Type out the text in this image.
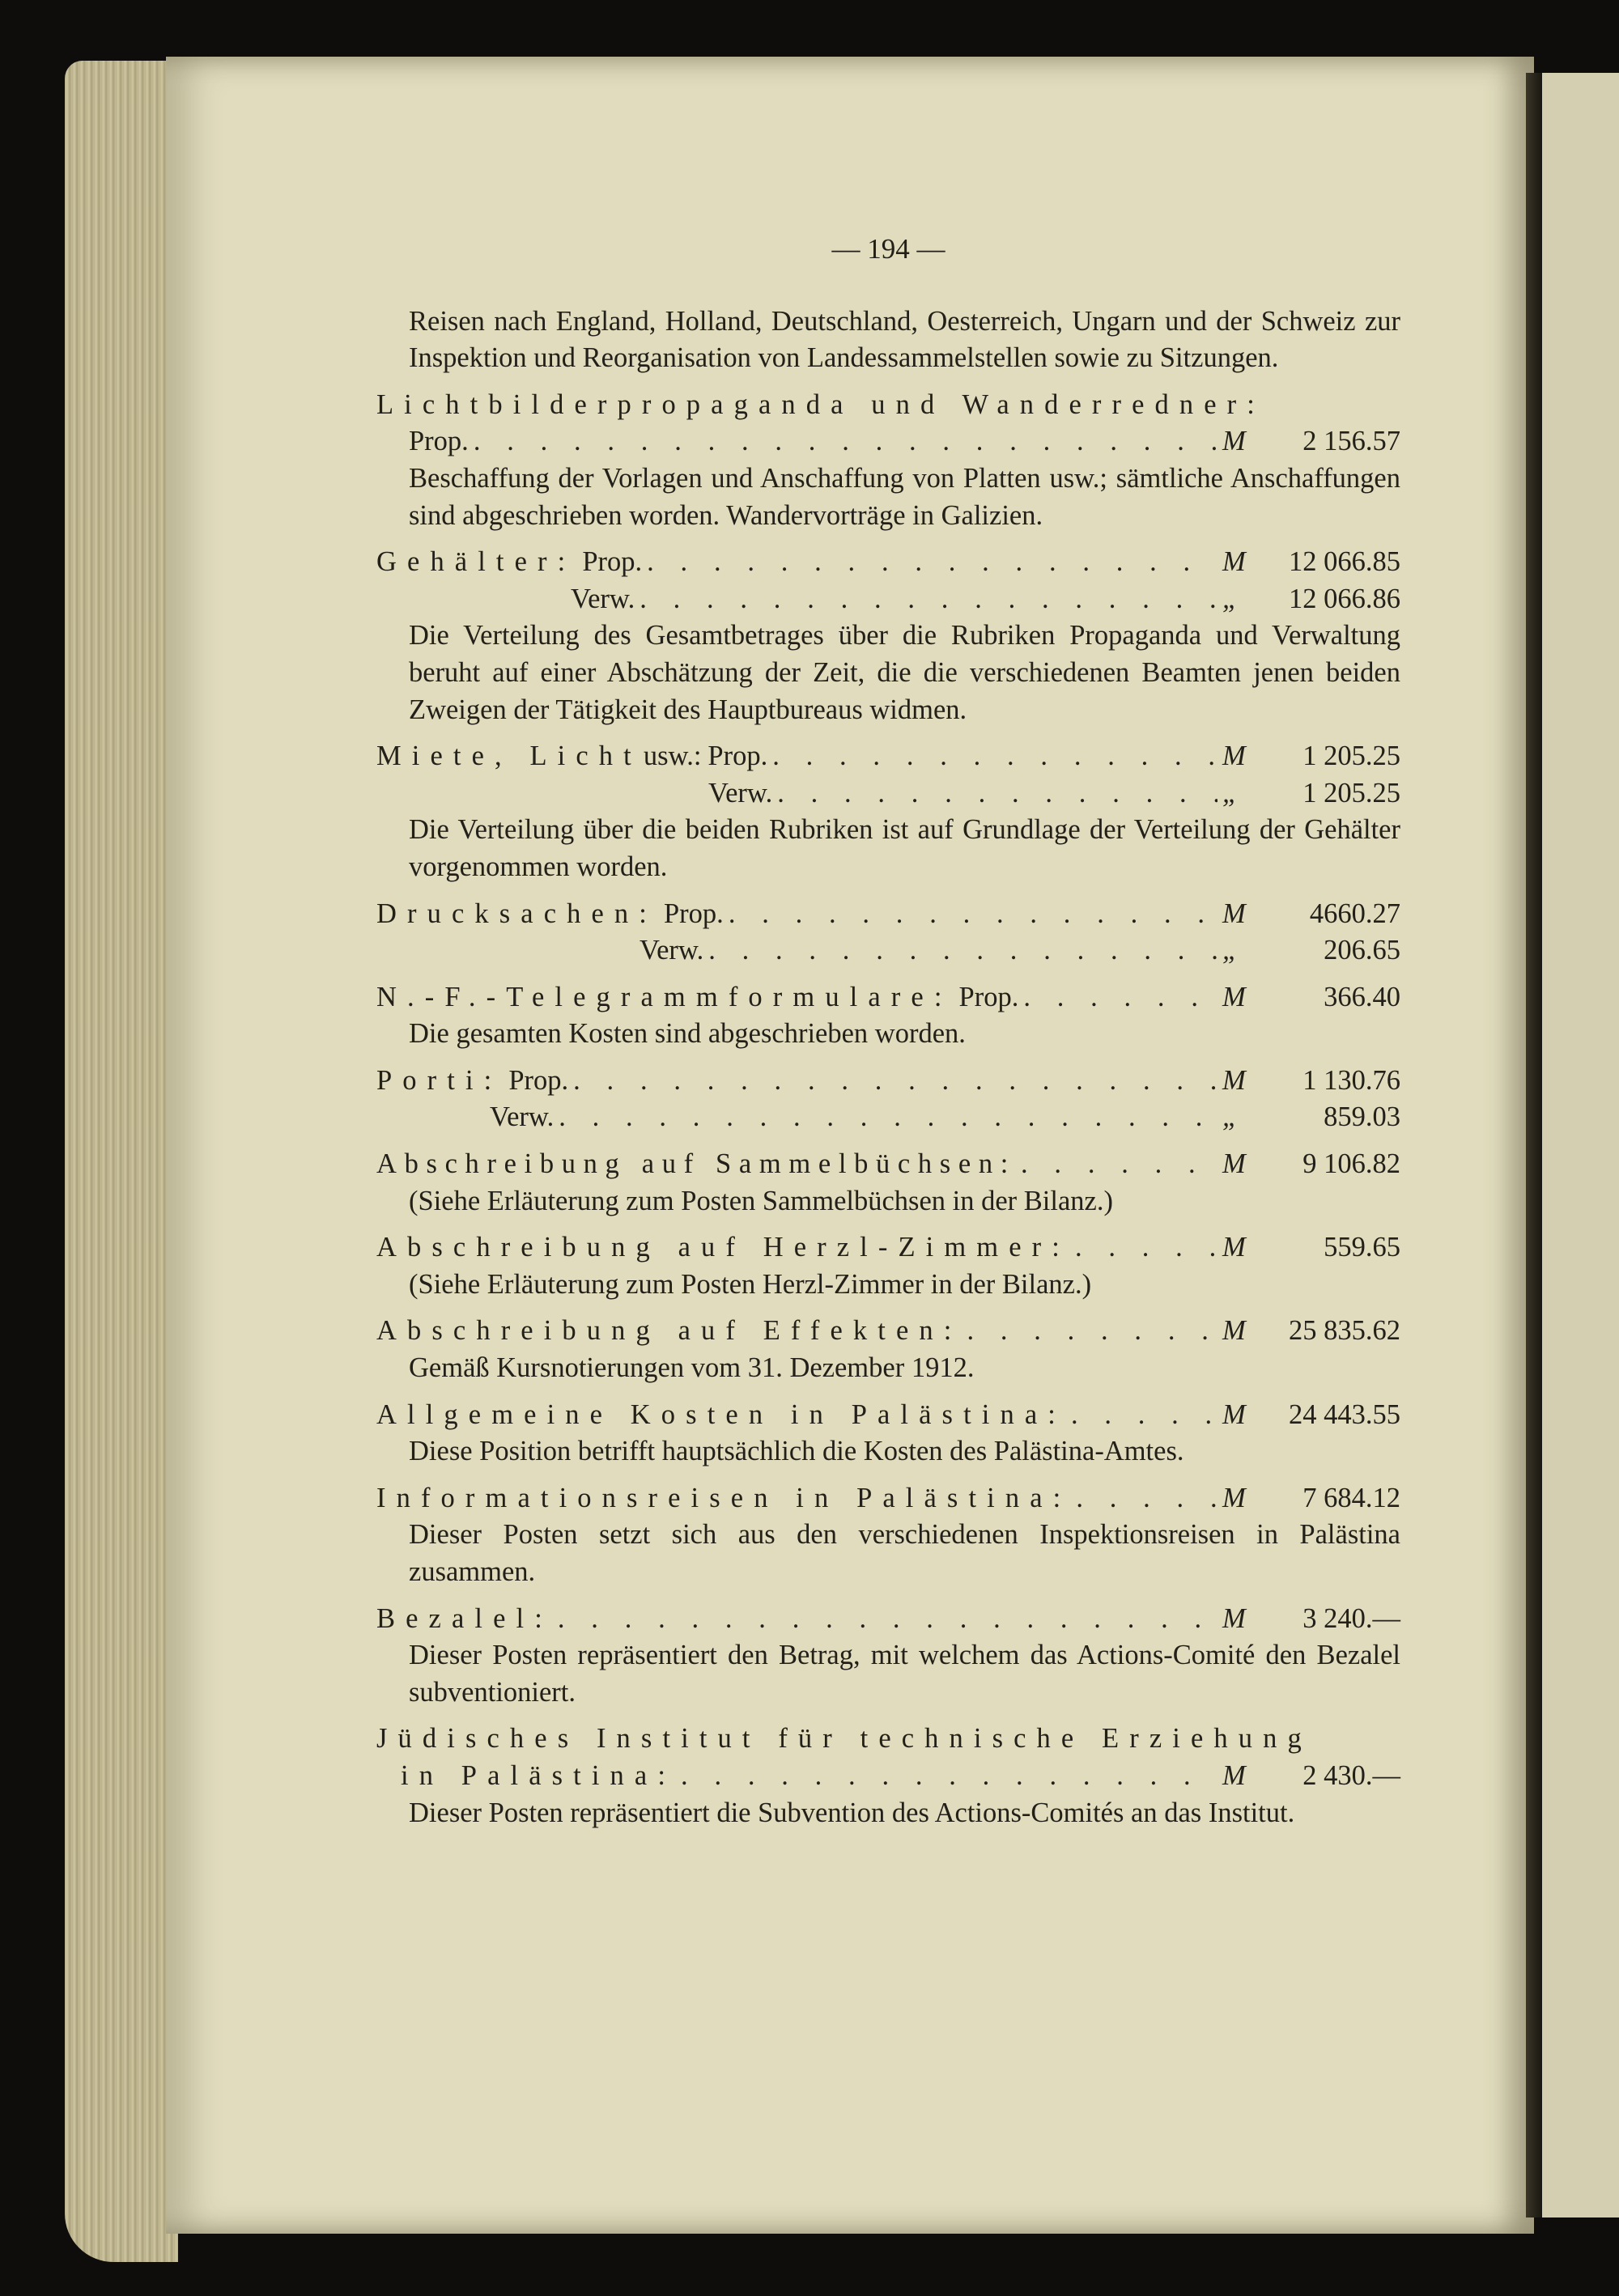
— 194 —

Reisen nach England, Holland, Deutschland, Oesterreich, Ungarn und der Schweiz zur Inspektion und Reorganisation von Landessammelstellen sowie zu Sitzungen.

Lichtbilderpropaganda und Wanderredner:
Prop. . . .	M	2 156.57

Beschaffung der Vorlagen und Anschaffung von Platten usw.; sämtliche Anschaffungen sind abgeschrieben worden. Wandervorträge in Galizien.

Gehälter: Prop. . . .	M	12 066.85
Verw. . . .	„	12 066.86

Die Verteilung des Gesamtbetrages über die Rubriken Propaganda und Verwaltung beruht auf einer Abschätzung der Zeit, die die verschiedenen Beamten jenen beiden Zweigen der Tätigkeit des Hauptbureaus widmen.

Miete, Licht usw.: Prop. . . .	M	1 205.25
Verw. . . .	„	1 205.25

Die Verteilung über die beiden Rubriken ist auf Grundlage der Verteilung der Gehälter vorgenommen worden.

Drucksachen: Prop. . . .	M	4660.27
Verw. . . .	„	206.65
N.-F.-Telegrammformulare: Prop. . . .	M	366.40

Die gesamten Kosten sind abgeschrieben worden.

Porti: Prop. . . .	M	1 130.76
Verw. . . .	„	859.03
Abschreibung auf Sammelbüchsen: . . .	M	9 106.82

(Siehe Erläuterung zum Posten Sammelbüchsen in der Bilanz.)

Abschreibung auf Herzl-Zimmer: . . .	M	559.65

(Siehe Erläuterung zum Posten Herzl-Zimmer in der Bilanz.)

Abschreibung auf Effekten: . . .	M	25 835.62

Gemäß Kursnotierungen vom 31. Dezember 1912.

Allgemeine Kosten in Palästina: . . .	M	24 443.55

Diese Position betrifft hauptsächlich die Kosten des Palästina-Amtes.

Informationsreisen in Palästina: . . .	M	7 684.12

Dieser Posten setzt sich aus den verschiedenen Inspektionsreisen in Palästina zusammen.

Bezalel: . . .	M	3 240.—

Dieser Posten repräsentiert den Betrag, mit welchem das Actions-Comité den Bezalel subventioniert.

Jüdisches Institut für technische Erziehung
in Palästina: . . .	M	2 430.—

Dieser Posten repräsentiert die Subvention des Actions-Comités an das Institut.
